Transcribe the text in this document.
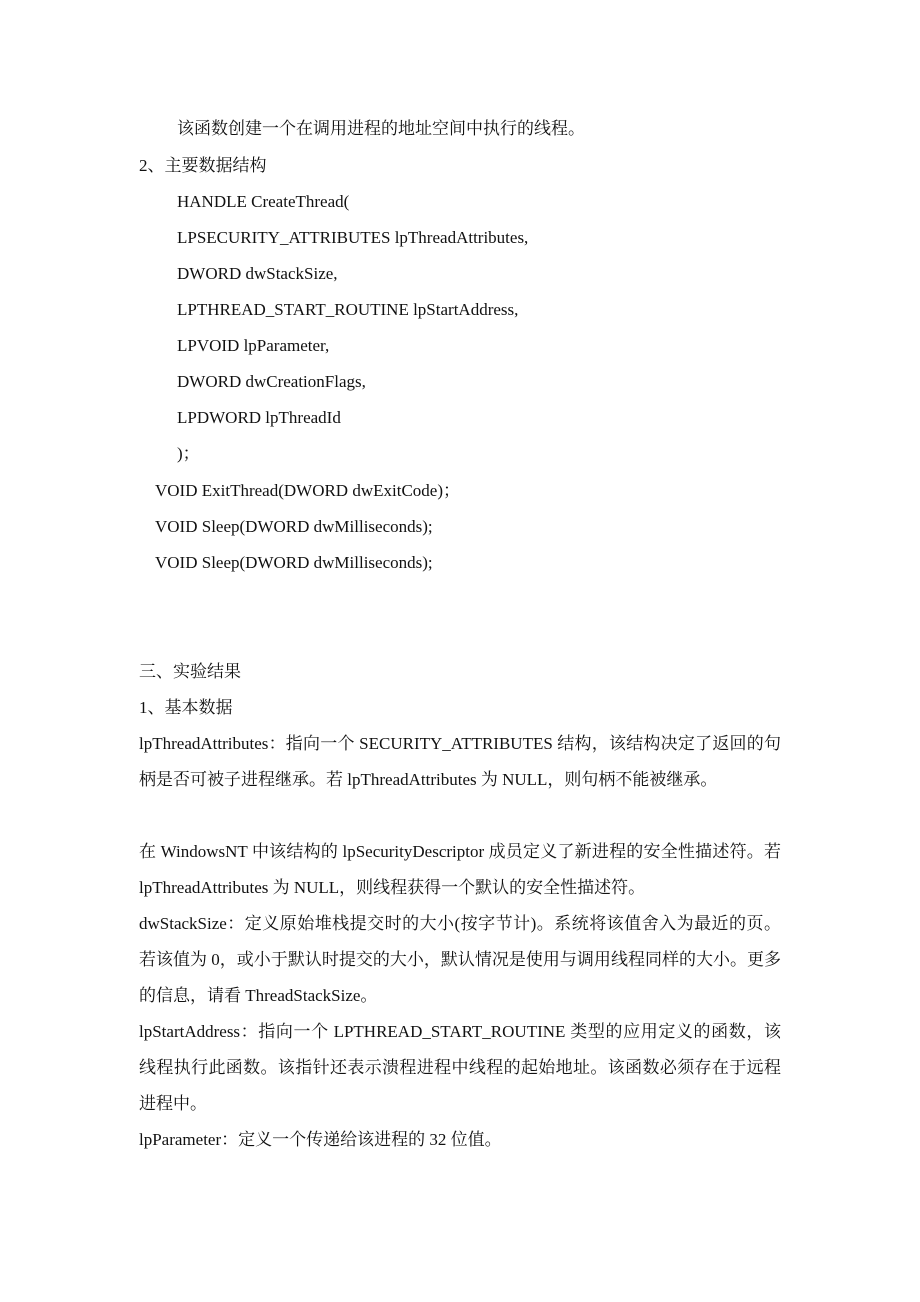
该函数创建一个在调用进程的地址空间中执行的线程。
2、主要数据结构
HANDLE CreateThread(
LPSECURITY_ATTRIBUTES lpThreadAttributes,
DWORD dwStackSize,
LPTHREAD_START_ROUTINE lpStartAddress,
LPVOID lpParameter,
DWORD dwCreationFlags,
LPDWORD lpThreadId
)；
VOID ExitThread(DWORD dwExitCode)；
VOID Sleep(DWORD dwMilliseconds);
VOID Sleep(DWORD dwMilliseconds);
三、实验结果
1、基本数据
lpThreadAttributes：指向一个 SECURITY_ATTRIBUTES 结构，该结构决定了返回的句柄是否可被子进程继承。若 lpThreadAttributes 为 NULL，则句柄不能被继承。
在 WindowsNT 中该结构的 lpSecurityDescriptor 成员定义了新进程的安全性描述符。若 lpThreadAttributes 为 NULL，则线程获得一个默认的安全性描述符。
dwStackSize：定义原始堆栈提交时的大小(按字节计)。系统将该值舍入为最近的页。若该值为 0，或小于默认时提交的大小，默认情况是使用与调用线程同样的大小。更多的信息，请看 ThreadStackSize。
lpStartAddress：指向一个 LPTHREAD_START_ROUTINE 类型的应用定义的函数，该线程执行此函数。该指针还表示溃程进程中线程的起始地址。该函数必须存在于远程进程中。
lpParameter：定义一个传递给该进程的 32 位值。
